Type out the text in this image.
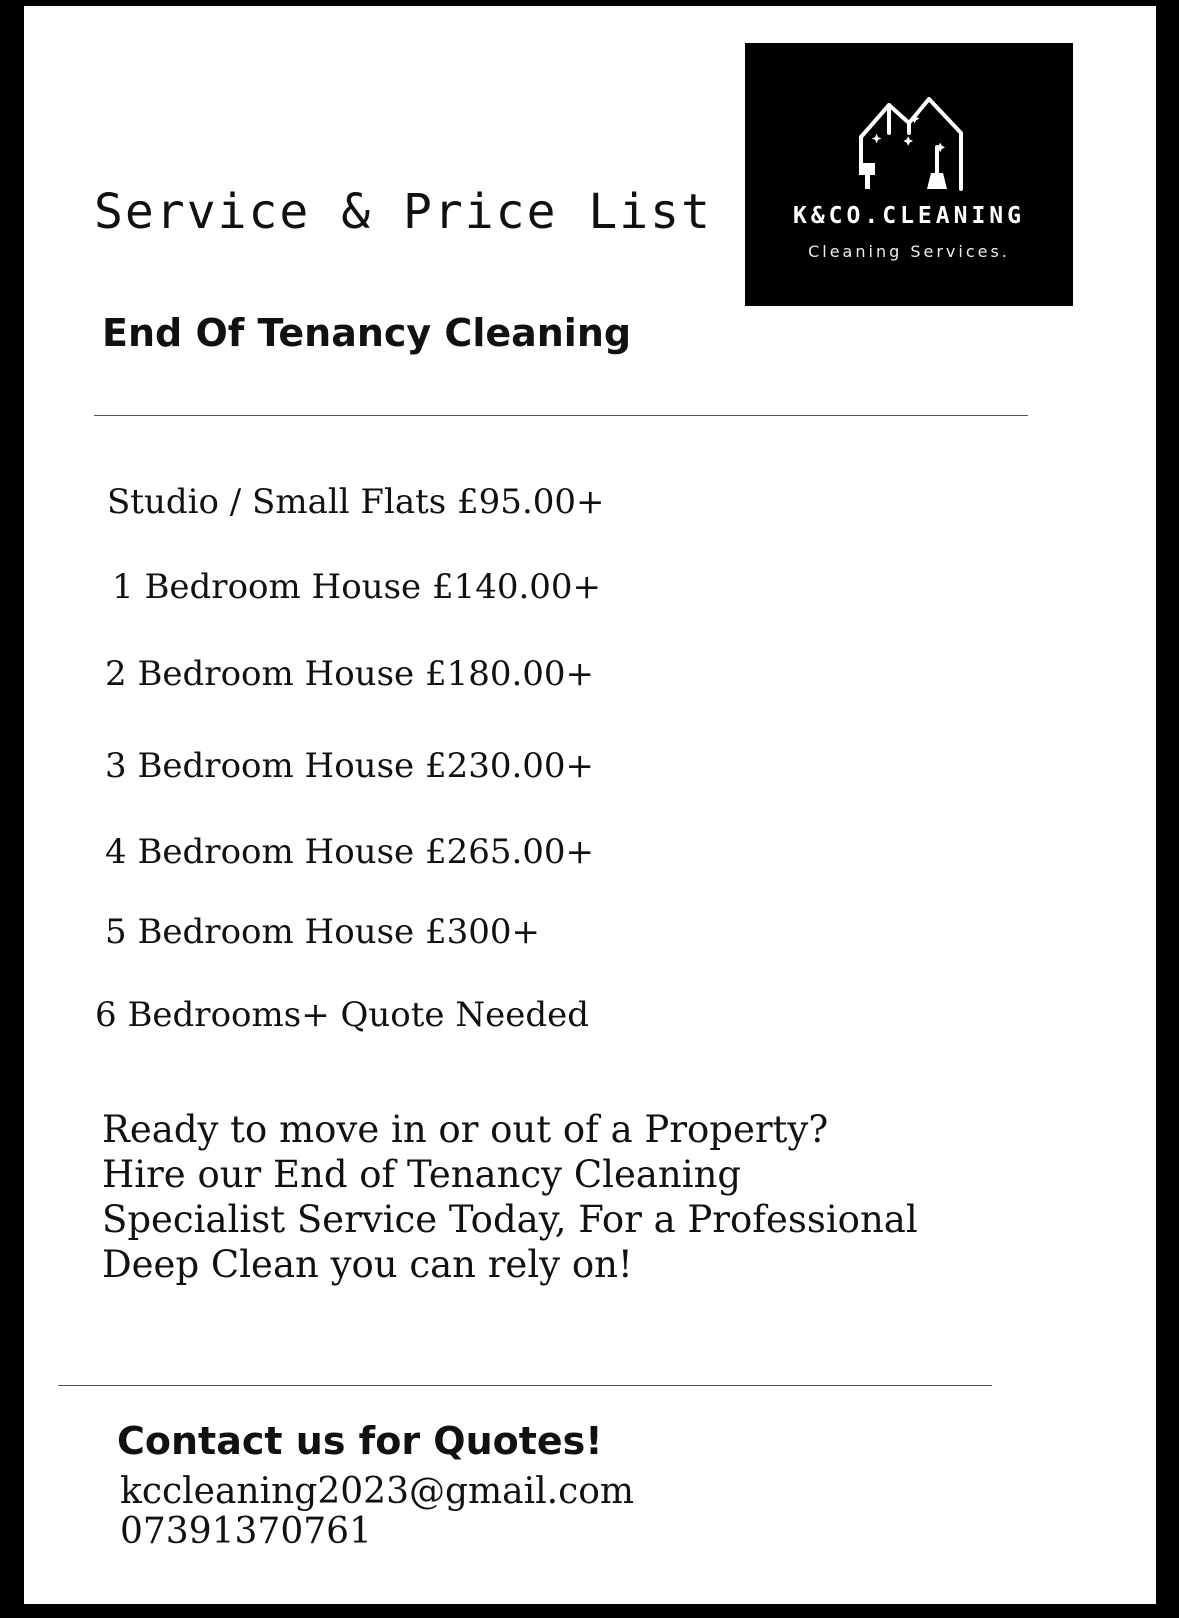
Service & Price List	K&CO.CLEANING
Cleaning Services.
End Of Tenancy Cleaning

Studio / Small Flats £95.00+

1 Bedroom House £140.00+

2 Bedroom House £180.00+

3 Bedroom House £230.00+

4 Bedroom House £265.00+

5 Bedroom House £300+

6 Bedrooms+ Quote Needed

Ready to move in or out of a Property? Hire our End of Tenancy Cleaning Specialist Service Today, For a Professional Deep Clean you can rely on!

Contact us for Quotes!

kccleaning2023@gmail.com

07391370761
